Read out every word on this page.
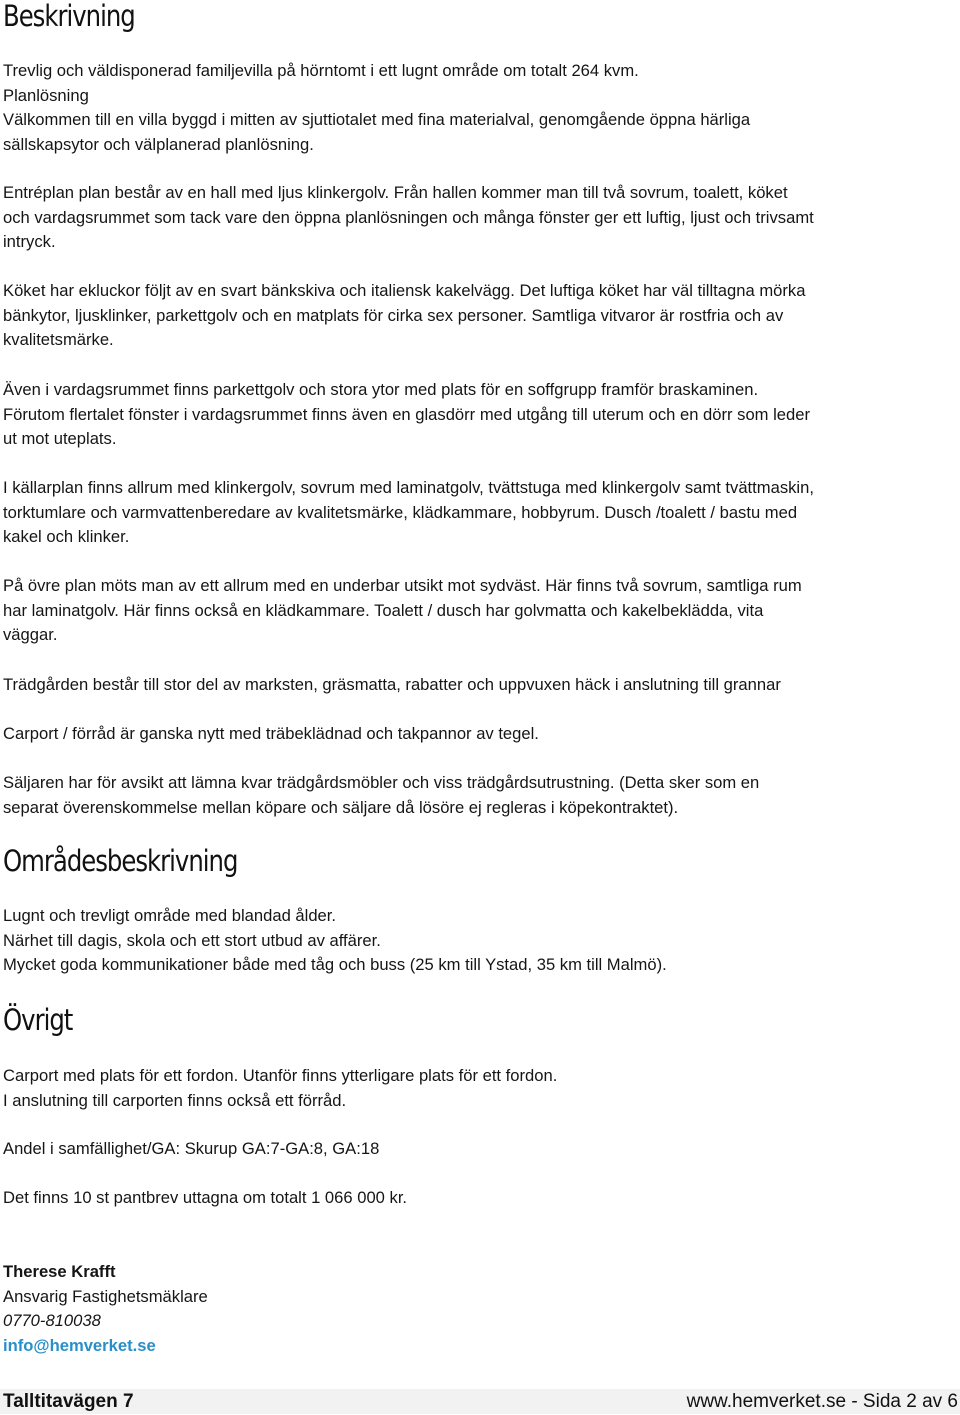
Beskrivning

Trevlig och väldisponerad familjevilla på hörntomt i ett lugnt område om totalt 264 kvm.
Planlösning
Välkommen till en villa byggd i mitten av sjuttiotalet med fina materialval, genomgående öppna härliga
sällskapsytor och välplanerad planlösning.

Entréplan plan består av en hall med ljus klinkergolv. Från hallen kommer man till två sovrum, toalett, köket
och vardagsrummet som tack vare den öppna planlösningen och många fönster ger ett luftig, ljust och trivsamt
intryck.

Köket har ekluckor följt av en svart bänkskiva och italiensk kakelvägg. Det luftiga köket har väl tilltagna mörka
bänkytor, ljusklinker, parkettgolv och en matplats för cirka sex personer. Samtliga vitvaror är rostfria och av
kvalitetsmärke.

Även i vardagsrummet finns parkettgolv och stora ytor med plats för en soffgrupp framför braskaminen.
Förutom flertalet fönster i vardagsrummet finns även en glasdörr med utgång till uterum och en dörr som leder
ut mot uteplats.

I källarplan finns allrum med klinkergolv, sovrum med laminatgolv, tvättstuga med klinkergolv samt tvättmaskin,
torktumlare och varmvattenberedare av kvalitetsmärke, klädkammare, hobbyrum. Dusch /toalett / bastu med
kakel och klinker.

På övre plan möts man av ett allrum med en underbar utsikt mot sydväst. Här finns två sovrum, samtliga rum
har laminatgolv. Här finns också en klädkammare. Toalett / dusch har golvmatta och kakelbeklädda, vita
väggar.

Trädgården består till stor del av marksten, gräsmatta, rabatter och uppvuxen häck i anslutning till grannar

Carport / förråd är ganska nytt med träbeklädnad och takpannor av tegel.

Säljaren har för avsikt att lämna kvar trädgårdsmöbler och viss trädgårdsutrustning. (Detta sker som en
separat överenskommelse mellan köpare och säljare då lösöre ej regleras i köpekontraktet).

Områdesbeskrivning

Lugnt och trevligt område med blandad ålder.
Närhet till dagis, skola och ett stort utbud av affärer.
Mycket goda kommunikationer både med tåg och buss (25 km till Ystad, 35 km till Malmö).

Övrigt

Carport med plats för ett fordon. Utanför finns ytterligare plats för ett fordon.
I anslutning till carporten finns också ett förråd.

Andel i samfällighet/GA: Skurup GA:7-GA:8, GA:18

Det finns 10 st pantbrev uttagna om totalt 1 066 000 kr.

Therese Krafft
Ansvarig Fastighetsmäklare
0770-810038
info@hemverket.se
Talltitavägen 7	www.hemverket.se - Sida 2 av 6
